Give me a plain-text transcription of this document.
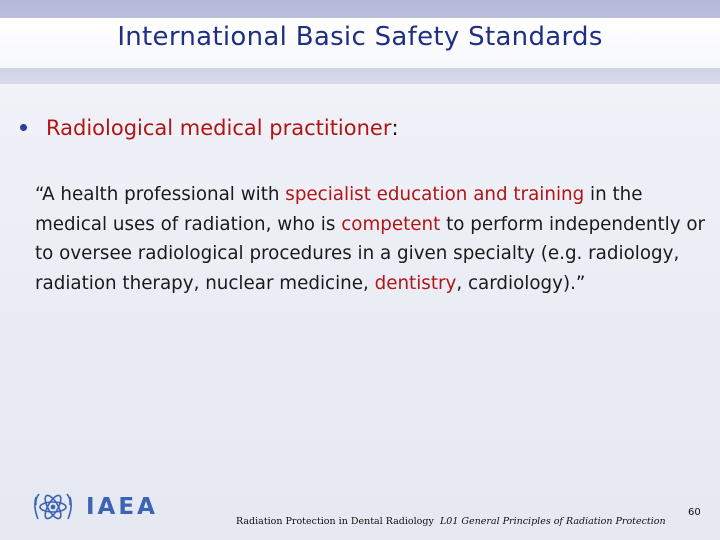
International Basic Safety Standards
Radiological medical practitioner :
“A health professional with specialist education and training in the medical uses of radiation, who is competent to perform independently or to oversee radiological procedures in a given specialty (e.g. radiology, radiation therapy, nuclear medicine, dentistry, cardiology).”
IAEA
Radiation Protection in Dental Radiology L01 General Principles of Radiation Protection
60
